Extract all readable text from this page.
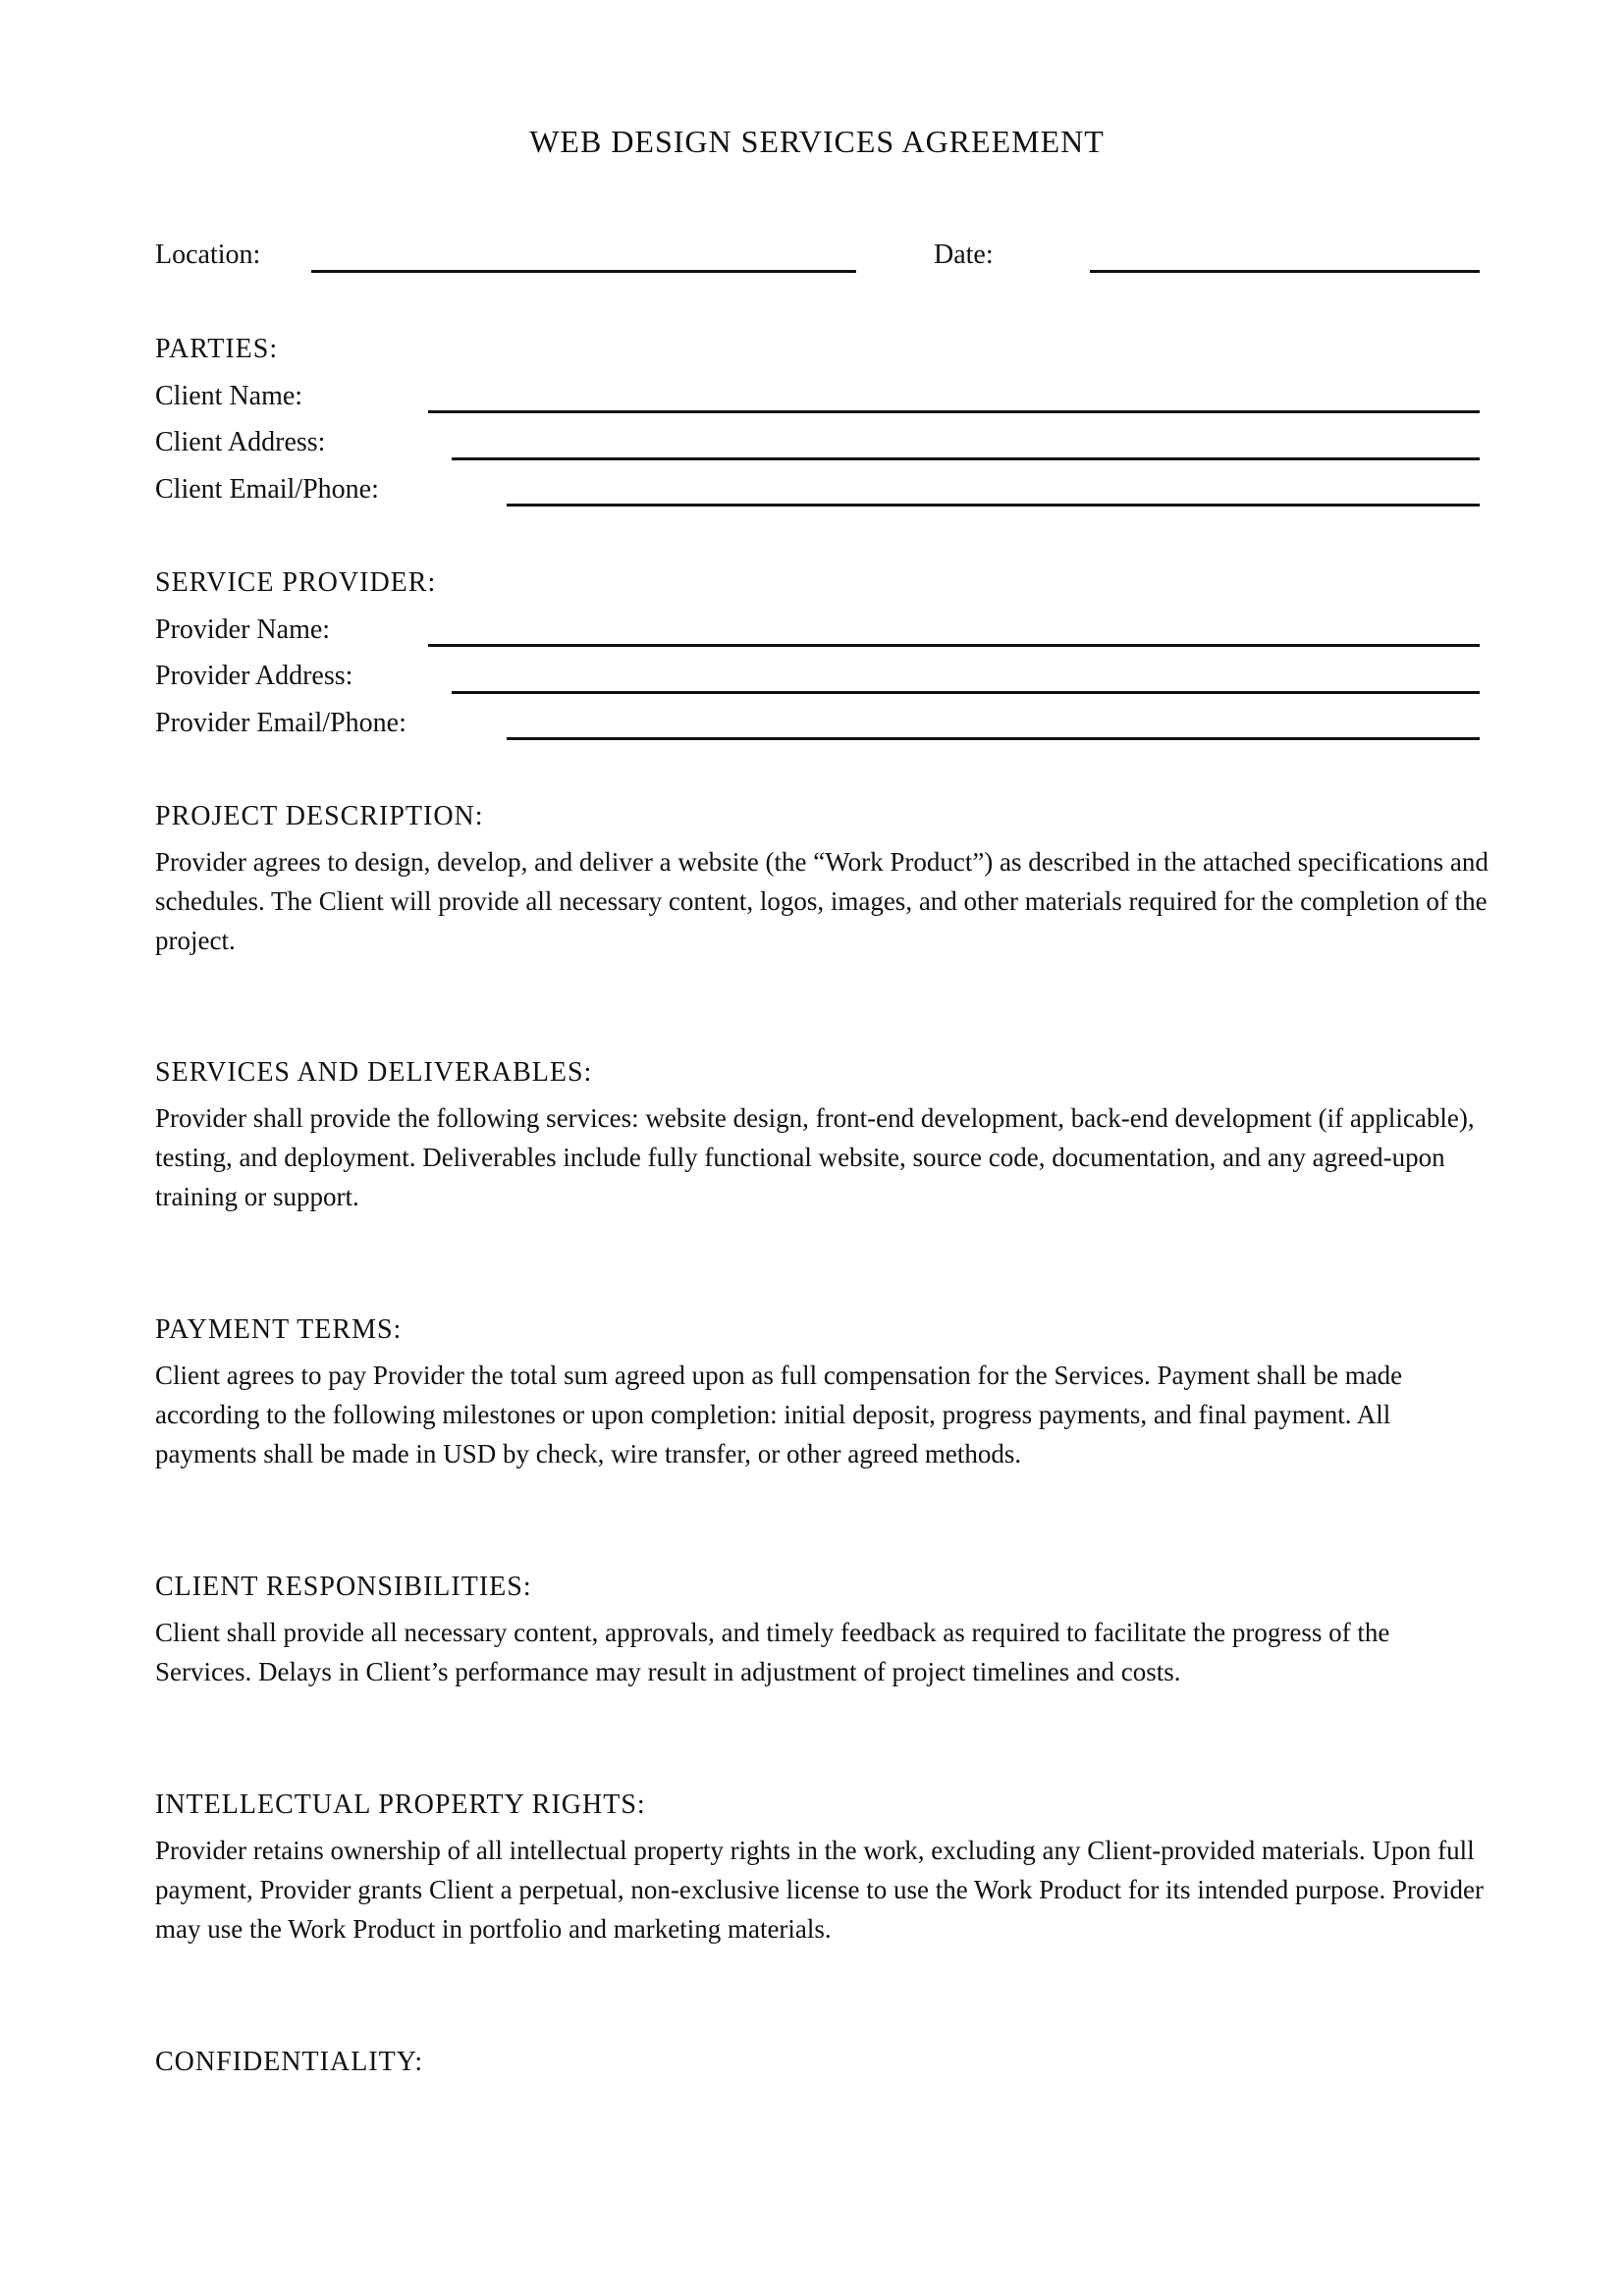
WEB DESIGN SERVICES AGREEMENT
Location:	Date:
PARTIES:
Client Name:
Client Address:
Client Email/Phone:
SERVICE PROVIDER:
Provider Name:
Provider Address:
Provider Email/Phone:
PROJECT DESCRIPTION:
Provider agrees to design, develop, and deliver a website (the “Work Product”) as described in the attached specifications and schedules. The Client will provide all necessary content, logos, images, and other materials required for the completion of the project.
SERVICES AND DELIVERABLES:
Provider shall provide the following services: website design, front-end development, back-end development (if applicable), testing, and deployment. Deliverables include fully functional website, source code, documentation, and any agreed-upon training or support.
PAYMENT TERMS:
Client agrees to pay Provider the total sum agreed upon as full compensation for the Services. Payment shall be made according to the following milestones or upon completion: initial deposit, progress payments, and final payment. All payments shall be made in USD by check, wire transfer, or other agreed methods.
CLIENT RESPONSIBILITIES:
Client shall provide all necessary content, approvals, and timely feedback as required to facilitate the progress of the Services. Delays in Client’s performance may result in adjustment of project timelines and costs.
INTELLECTUAL PROPERTY RIGHTS:
Provider retains ownership of all intellectual property rights in the work, excluding any Client-provided materials. Upon full payment, Provider grants Client a perpetual, non-exclusive license to use the Work Product for its intended purpose. Provider may use the Work Product in portfolio and marketing materials.
CONFIDENTIALITY:
